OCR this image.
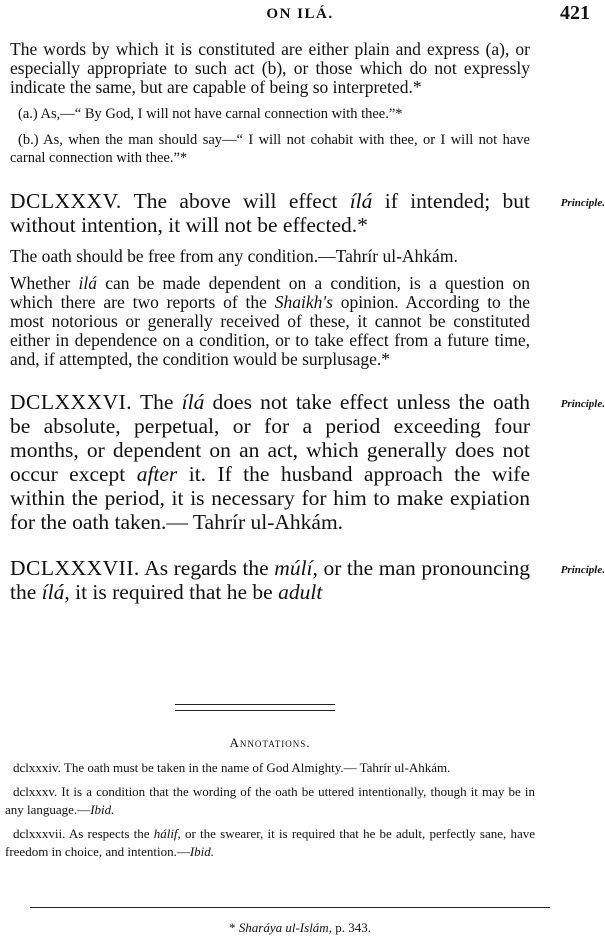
ON ILÁ.	421

The words by which it is constituted are either plain and express (a), or especially appropriate to such act (b), or those which do not expressly indicate the same, but are capable of being so interpreted.*

(a.) As,—“ By God, I will not have carnal connection with thee.”*

(b.) As, when the man should say—“ I will not cohabit with thee, or I will not have carnal connection with thee.”*

DCLXXXV. The above will effect ílá if intended; but without intention, it will not be effected.*

Principle.

The oath should be free from any condition.—Tahrír ul-Ahkám.

Whether ilá can be made dependent on a condition, is a question on which there are two reports of the Shaikh's opinion. According to the most notorious or generally received of these, it cannot be constituted either in dependence on a condition, or to take effect from a future time, and, if attempted, the condition would be surplusage.*

DCLXXXVI. The ílá does not take effect unless the oath be absolute, perpetual, or for a period exceeding four months, or dependent on an act, which generally does not occur except after it. If the husband approach the wife within the period, it is necessary for him to make expiation for the oath taken.— Tahrír ul-Ahkám.

Principle.

DCLXXXVII. As regards the múlí, or the man pronouncing the ílá, it is required that he be adult

Principle.
Annotations.

dclxxxiv. The oath must be taken in the name of God Almighty.— Tahrír ul-Ahkám.

dclxxxv. It is a condition that the wording of the oath be uttered intentionally, though it may be in any language.—Ibid.

dclxxxvii. As respects the hálif, or the swearer, it is required that he be adult, perfectly sane, have freedom in choice, and intention.—Ibid.

* Sharáya ul-Islám, p. 343.
